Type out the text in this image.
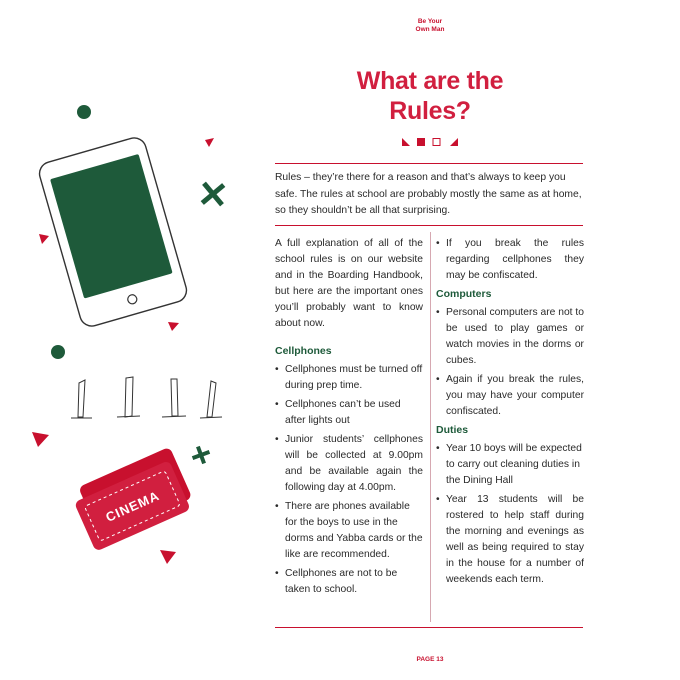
Be Your
Own Man
What are the
Rules?
Rules – they’re there for a reason and that’s always to keep you safe. The rules at school are probably mostly the same as at home, so they shouldn’t be all that surprising.

A full explanation of all of the school rules is on our website and in the Boarding Handbook, but here are the important ones you’ll probably want to know about now.

Cellphones
• Cellphones must be turned off during prep time.
• Cellphones can’t be used after lights out
• Junior students’ cellphones will be collected at 9.00pm and be available again the following day at 4.00pm.
• There are phones available for the boys to use in the dorms and Yabba cards or the like are recommended.
• Cellphones are not to be taken to school.
• If you break the rules regarding cellphones they may be confiscated.
Computers
• Personal computers are not to be used to play games or watch movies in the dorms or cubes.
• Again if you break the rules, you may have your computer confiscated.
Duties
• Year 10 boys will be expected to carry out cleaning duties in the Dining Hall
• Year 13 students will be rostered to help staff during the morning and evenings as well as being required to stay in the house for a number of weekends each term.
CINEMA
PAGE 13
